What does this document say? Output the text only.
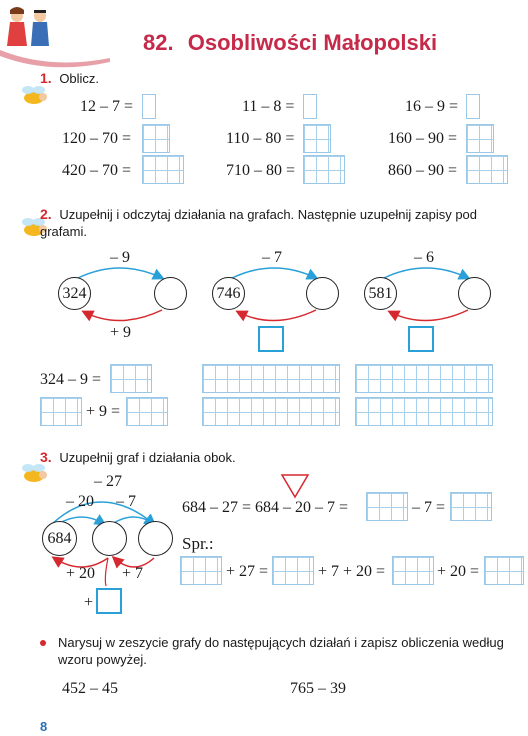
82. Osobliwości Małopolski
1. Oblicz.
12 – 7 =	11 – 8 =	16 – 9 =
120 – 70 =	110 – 80 =	160 – 90 =
420 – 70 =	710 – 80 =	860 – 90 =
2. Uzupełnij i odczytaj działania na grafach. Następnie uzupełnij zapisy pod grafami.
– 9
324
+ 9
– 7
746
– 6
581
324 – 9 =
+ 9 =
3. Uzupełnij graf i działania obok.
– 27
– 20 – 7
684
+ 20 + 7
+
684 – 27 = 684 – 20 – 7 =	– 7 =
Spr.:
+ 27 =	+ 7 + 20 =	+ 20 =
Narysuj w zeszycie grafy do następujących działań i zapisz obliczenia według wzoru powyżej.
452 – 45	765 – 39
8
